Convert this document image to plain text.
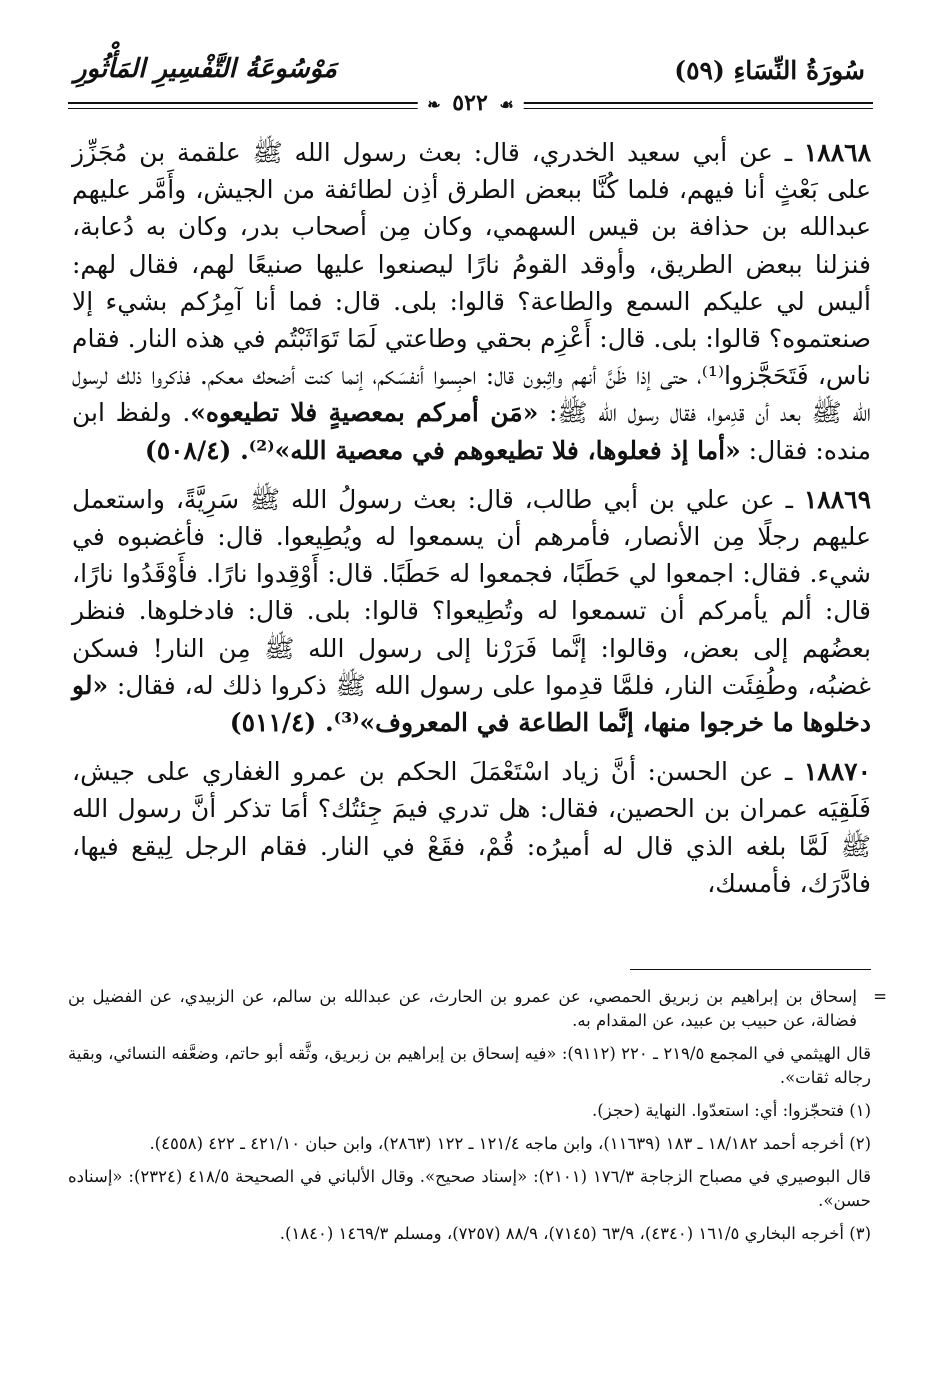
سُورَةُ النِّسَاءِ (٥٩)
مَوْسُوعَةُ التَّفْسِيرِ المَأْثُورِ
☙ ٥٢٢ ❧

١٨٨٦٨ ـ عن أبي سعيد الخدري، قال: بعث رسول الله ﷺ علقمة بن مُجَزِّز على بَعْثٍ أنا فيهم، فلما كُنَّا ببعض الطرق أذِن لطائفة من الجيش، وأَمَّر عليهم عبدالله بن حذافة بن قيس السهمي، وكان مِن أصحاب بدر، وكان به دُعابة، فنزلنا ببعض الطريق، وأوقد القومُ نارًا ليصنعوا عليها صنيعًا لهم، فقال لهم: أليس لي عليكم السمع والطاعة؟ قالوا: بلى. قال: فما أنا آمِرُكم بشيء إلا صنعتموه؟ قالوا: بلى. قال: أَعْزِم بحقي وطاعتي لَمَا تَوَاثَبْتُم في هذه النار. فقام ناس، فَتَحَجَّزوا⁽¹⁾، حتى إذا ظَنَّ أنهم واثِبون قال: احبِسوا أنفسَكم، إنما كنت أضحك معكم. فذكروا ذلك لرسول الله ﷺ بعد أن قدِموا، فقال رسول الله ﷺ: «مَن أمركم بمعصيةٍ فلا تطيعوه». ولفظ ابن منده: فقال: «أما إذ فعلوها، فلا تطيعوهم في معصية الله»⁽²⁾. (٥٠٨/٤)

١٨٨٦٩ ـ عن علي بن أبي طالب، قال: بعث رسولُ الله ﷺ سَرِيَّةً، واستعمل عليهم رجلًا مِن الأنصار، فأمرهم أن يسمعوا له ويُطِيعوا. قال: فأغضبوه في شيء. فقال: اجمعوا لي حَطَبًا، فجمعوا له حَطَبًا. قال: أَوْقِدوا نارًا. فأَوْقَدُوا نارًا، قال: ألم يأمركم أن تسمعوا له وتُطِيعوا؟ قالوا: بلى. قال: فادخلوها. فنظر بعضُهم إلى بعض، وقالوا: إنَّما فَرَرْنا إلى رسول الله ﷺ مِن النار! فسكن غضبُه، وطُفِئَت النار، فلمَّا قدِموا على رسول الله ﷺ ذكروا ذلك له، فقال: «لو دخلوها ما خرجوا منها، إنَّما الطاعة في المعروف»⁽³⁾. (٥١١/٤)

١٨٨٧٠ ـ عن الحسن: أنَّ زياد اسْتَعْمَلَ الحكم بن عمرو الغفاري على جيش، فَلَقِيَه عمران بن الحصين، فقال: هل تدري فيمَ جِئتُك؟ أمَا تذكر أنَّ رسول الله ﷺ لَمَّا بلغه الذي قال له أميرُه: قُمْ، فقَعْ في النار. فقام الرجل لِيقع فيها، فادَّرَك، فأمسك،

=
إسحاق بن إبراهيم بن زبريق الحمصي، عن عمرو بن الحارث، عن عبدالله بن سالم، عن الزبيدي، عن الفضيل بن فضالة، عن حبيب بن عبيد، عن المقدام به.

قال الهيثمي في المجمع ٢١٩/٥ ـ ٢٢٠ (٩١١٢): «فيه إسحاق بن إبراهيم بن زبريق، وثَّقه أبو حاتم، وضعَّفه النسائي، وبقية رجاله ثقات».

(١) فتحجّزوا: أي: استعدّوا. النهاية (حجز).

(٢) أخرجه أحمد ١٨/١٨٢ ـ ١٨٣ (١١٦٣٩)، وابن ماجه ١٢١/٤ ـ ١٢٢ (٢٨٦٣)، وابن حبان ٤٢١/١٠ ـ ٤٢٢ (٤٥٥٨).

قال البوصيري في مصباح الزجاجة ١٧٦/٣ (٢١٠١): «إسناد صحيح». وقال الألباني في الصحيحة ٤١٨/٥ (٢٣٢٤): «إسناده حسن».

(٣) أخرجه البخاري ١٦١/٥ (٤٣٤٠)، ٦٣/٩ (٧١٤٥)، ٨٨/٩ (٧٢٥٧)، ومسلم ١٤٦٩/٣ (١٨٤٠).
